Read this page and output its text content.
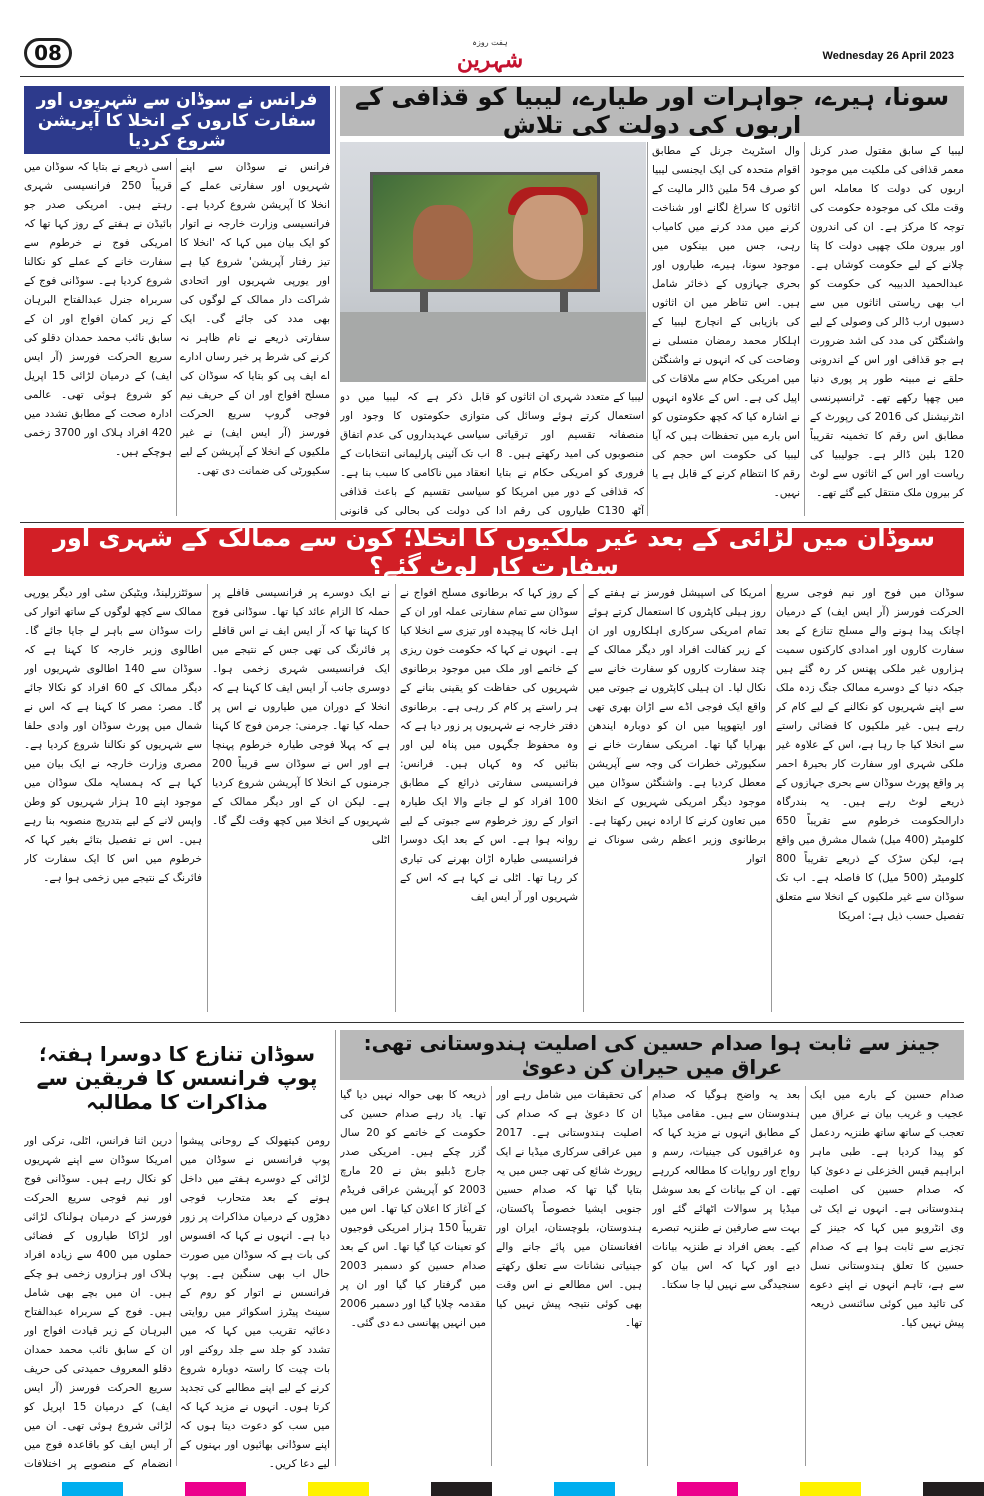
08	ہفت روزہ
شہرین	Wednesday 26 April 2023
سونا، ہیرے، جواہرات اور طیارے، لیبیا کو قذافی کے اربوں کی دولت کی تلاش
لیبیا کے سابق مقتول صدر کرنل معمر قذافی کی ملکیت میں موجود اربوں کی دولت کا معاملہ اس وقت ملک کی موجودہ حکومت کی توجہ کا مرکز ہے۔ ان کی اندرون اور بیرون ملک چھپی دولت کا پتا چلانے کے لیے حکومت کوشاں ہے۔ عبدالحمید الدبیبہ کی حکومت کو اب بھی ریاستی اثاثوں میں سے دسیوں ارب ڈالر کی وصولی کے لیے واشنگٹن کی مدد کی اشد ضرورت ہے جو قذافی اور اس کے اندرونی حلقے نے مبینہ طور پر پوری دنیا میں چھپا رکھے تھے۔ ٹرانسپرنسی انٹرنیشنل کی 2016 کی رپورٹ کے مطابق اس رقم کا تخمینہ تقریباً 120 بلین ڈالر ہے۔ جولیبیا کی ریاست اور اس کے اثاثوں سے لوٹ کر بیرون ملک منتقل کیے گئے تھے۔
وال اسٹریٹ جرنل کے مطابق اقوام متحدہ کی ایک ایجنسی لیبیا کو صرف 54 ملین ڈالر مالیت کے اثاثوں کا سراغ لگانے اور شناخت کرنے میں مدد کرنے میں کامیاب رہی، جس میں بینکوں میں موجود سونا، ہیرے، طیاروں اور بحری جہازوں کے ذخائر شامل ہیں۔ اس تناظر میں ان اثاثوں کی بازیابی کے انچارج لیبیا کے اہلکار محمد رمضان منسلی نے وضاحت کی کہ انہوں نے واشنگٹن میں امریکی حکام سے ملاقات کی اپیل کی ہے۔ اس کے علاوہ انہوں نے اشارہ کیا کہ کچھ حکومتوں کو اس بارے میں تحفظات ہیں کہ آیا لیبیا کی حکومت اس حجم کی رقم کا انتظام کرنے کے قابل ہے یا نہیں۔
لیبیا کے متعدد شہری ان اثاثوں کو استعمال کرتے ہوئے وسائل کی منصفانہ تقسیم اور ترقیاتی منصوبوں کی امید رکھتے ہیں۔ 8 فروری کو امریکی حکام نے بتایا کہ قذافی کے دور میں امریکا کو آٹھ C130 طیاروں کی رقم ادا
قابل ذکر ہے کہ لیبیا میں دو متوازی حکومتوں کا وجود اور سیاسی عہدیداروں کی عدم اتفاق اب تک آئینی پارلیمانی انتخابات کے انعقاد میں ناکامی کا سبب بنا ہے۔ سیاسی تقسیم کے باعث قذافی کی دولت کی بحالی کی قانونی
فرانس نے سوڈان سے شہریوں اور سفارت کاروں کے انخلا کا آپریشن شروع کردیا
فرانس نے سوڈان سے اپنے شہریوں اور سفارتی عملے کے انخلا کا آپریشن شروع کردیا ہے۔ فرانسیسی وزارت خارجہ نے اتوار کو ایک بیان میں کہا کہ 'انخلا کا تیز رفتار آپریشن' شروع کیا ہے اور یورپی شہریوں اور اتحادی شراکت دار ممالک کے لوگوں کی بھی مدد کی جائے گی۔ ایک سفارتی ذریعے نے نام ظاہر نہ کرنے کی شرط پر خبر رساں ادارے اے ایف پی کو بتایا کہ سوڈان کی مسلح افواج اور ان کے حریف نیم فوجی گروپ سریع الحرکت فورسز (آر ایس ایف) نے غیر ملکیوں کے انخلا کے آپریشن کے لیے سکیورٹی کی ضمانت دی تھی۔
اسی ذریعے نے بتایا کہ سوڈان میں قریباً 250 فرانسیسی شہری رہتے ہیں۔ امریکی صدر جو بائیڈن نے ہفتے کے روز کہا تھا کہ امریکی فوج نے خرطوم سے سفارت خانے کے عملے کو نکالنا شروع کردیا ہے۔ سوڈانی فوج کے سربراہ جنرل عبدالفتاح البرہان کے زیر کمان افواج اور ان کے سابق نائب محمد حمدان دقلو کی سریع الحرکت فورسز (آر ایس ایف) کے درمیان لڑائی 15 اپریل کو شروع ہوئی تھی۔ عالمی ادارہ صحت کے مطابق تشدد میں 420 افراد ہلاک اور 3700 زخمی ہوچکے ہیں۔
سوڈان میں لڑائی کے بعد غیر ملکیوں کا انخلا؛ کون سے ممالک کے شہری اور سفارت کار لوٹ گئے؟
سوڈان میں فوج اور نیم فوجی سریع الحرکت فورسز (آر ایس ایف) کے درمیان اچانک پیدا ہونے والے مسلح تنازع کے بعد سفارت کاروں اور امدادی کارکنوں سمیت ہزاروں غیر ملکی پھنس کر رہ گئے ہیں جبکہ دنیا کے دوسرے ممالک جنگ زدہ ملک سے اپنے شہریوں کو نکالنے کے لیے کام کر رہے ہیں۔ غیر ملکیوں کا فضائی راستے سے انخلا کیا جا رہا ہے، اس کے علاوہ غیر ملکی شہری اور سفارت کار بحیرۂ احمر پر واقع پورٹ سوڈان سے بحری جہازوں کے ذریعے لوٹ رہے ہیں۔ یہ بندرگاہ دارالحکومت خرطوم سے تقریباً 650 کلومیٹر (400 میل) شمال مشرق میں واقع ہے، لیکن سڑک کے ذریعے تقریباً 800 کلومیٹر (500 میل) کا فاصلہ ہے۔ اب تک سوڈان سے غیر ملکیوں کے انخلا سے متعلق تفصیل حسب ذیل ہے: امریکا
امریکا کی اسپیشل فورسز نے ہفتے کے روز ہیلی کاپٹروں کا استعمال کرتے ہوئے تمام امریکی سرکاری اہلکاروں اور ان کے زیر کفالت افراد اور دیگر ممالک کے چند سفارت کاروں کو سفارت خانے سے نکال لیا۔ ان ہیلی کاپٹروں نے جبوتی میں واقع ایک فوجی اڈے سے اڑان بھری تھی اور ایتھوپیا میں ان کو دوبارہ ایندھن بھرایا گیا تھا۔ امریکی سفارت خانے نے سکیورٹی خطرات کی وجہ سے آپریشن معطل کردیا ہے۔ واشنگٹن سوڈان میں موجود دیگر امریکی شہریوں کے انخلا میں تعاون کرنے کا ارادہ نہیں رکھتا ہے۔ برطانوی وزیر اعظم رشی سوناک نے اتوار
کے روز کہا کہ برطانوی مسلح افواج نے سوڈان سے تمام سفارتی عملہ اور ان کے اہل خانہ کا پیچیدہ اور تیزی سے انخلا کیا ہے۔ انہوں نے کہا کہ حکومت خون ریزی کے خاتمے اور ملک میں موجود برطانوی شہریوں کی حفاظت کو یقینی بنانے کے ہر راستے پر کام کر رہی ہے۔ برطانوی دفتر خارجہ نے شہریوں پر زور دیا ہے کہ وہ محفوظ جگہوں میں پناہ لیں اور بتائیں کہ وہ کہاں ہیں۔ فرانس: فرانسیسی سفارتی ذرائع کے مطابق 100 افراد کو لے جانے والا ایک طیارہ اتوار کے روز خرطوم سے جبوتی کے لیے روانہ ہوا ہے۔ اس کے بعد ایک دوسرا فرانسیسی طیارہ اڑان بھرنے کی تیاری کر رہا تھا۔ اٹلی نے کہا ہے کہ اس کے شہریوں اور آر ایس ایف
نے ایک دوسرے پر فرانسیسی قافلے پر حملہ کا الزام عائد کیا تھا۔ سوڈانی فوج کا کہنا تھا کہ آر ایس ایف نے اس قافلے پر فائرنگ کی تھی جس کے نتیجے میں ایک فرانسیسی شہری زخمی ہوا۔ دوسری جانب آر ایس ایف کا کہنا ہے کہ انخلا کے دوران میں طیاروں نے اس پر حملہ کیا تھا۔ جرمنی: جرمن فوج کا کہنا ہے کہ پہلا فوجی طیارہ خرطوم پہنچا ہے اور اس نے سوڈان سے قریباً 200 جرمنوں کے انخلا کا آپریشن شروع کردیا ہے۔ لیکن ان کے اور دیگر ممالک کے شہریوں کے انخلا میں کچھ وقت لگے گا۔ اٹلی
سوئٹزرلینڈ، ویٹیکن سٹی اور دیگر یورپی ممالک سے کچھ لوگوں کے ساتھ اتوار کی رات سوڈان سے باہر لے جایا جائے گا۔ اطالوی وزیر خارجہ کا کہنا ہے کہ سوڈان سے 140 اطالوی شہریوں اور دیگر ممالک کے 60 افراد کو نکالا جائے گا۔ مصر: مصر کا کہنا ہے کہ اس نے شمال میں پورٹ سوڈان اور وادی حلفا سے شہریوں کو نکالنا شروع کردیا ہے۔ مصری وزارت خارجہ نے ایک بیان میں کہا ہے کہ ہمسایہ ملک سوڈان میں موجود اپنے 10 ہزار شہریوں کو وطن واپس لانے کے لیے بتدریج منصوبہ بنا رہے ہیں۔ اس نے تفصیل بتائے بغیر کہا کہ خرطوم میں اس کا ایک سفارت کار فائرنگ کے نتیجے میں زخمی ہوا ہے۔
جینز سے ثابت ہوا صدام حسین کی اصلیت ہندوستانی تھی: عراق میں حیران کن دعویٰ
صدام حسین کے بارے میں ایک عجیب و غریب بیان نے عراق میں تعجب کے ساتھ ساتھ طنزیہ ردعمل کو پیدا کردیا ہے۔ طبی ماہر ابراہیم قیس الخزعلی نے دعویٰ کیا کہ صدام حسین کی اصلیت ہندوستانی ہے۔ انہوں نے ایک ٹی وی انٹرویو میں کہا کہ جینز کے تجزیے سے ثابت ہوا ہے کہ صدام حسین کا تعلق ہندوستانی نسل سے ہے، تاہم انہوں نے اپنے دعوے کی تائید میں کوئی سائنسی ذریعہ پیش نہیں کیا۔
بعد یہ واضح ہوگیا کہ صدام ہندوستان سے ہیں۔ مقامی میڈیا کے مطابق انہوں نے مزید کہا کہ وہ عراقیوں کی جینیات، رسم و رواج اور روایات کا مطالعہ کررہے تھے۔ ان کے بیانات کے بعد سوشل میڈیا پر سوالات اٹھائے گئے اور بہت سے صارفین نے طنزیہ تبصرے کیے۔ بعض افراد نے طنزیہ بیانات دیے اور کہا کہ اس بیان کو سنجیدگی سے نہیں لیا جا سکتا۔
کی تحقیقات میں شامل رہے اور ان کا دعویٰ ہے کہ صدام کی اصلیت ہندوستانی ہے۔ 2017 میں عراقی سرکاری میڈیا نے ایک رپورٹ شائع کی تھی جس میں یہ بتایا گیا تھا کہ صدام حسین جنوبی ایشیا خصوصاً پاکستان، ہندوستان، بلوچستان، ایران اور افغانستان میں پائے جانے والے جینیاتی نشانات سے تعلق رکھتے ہیں۔ اس مطالعے نے اس وقت بھی کوئی نتیجہ پیش نہیں کیا تھا۔
ذریعہ کا بھی حوالہ نہیں دیا گیا تھا۔ یاد رہے صدام حسین کی حکومت کے خاتمے کو 20 سال گزر چکے ہیں۔ امریکی صدر جارج ڈبلیو بش نے 20 مارچ 2003 کو آپریشن عراقی فریڈم کے آغاز کا اعلان کیا تھا۔ اس میں تقریباً 150 ہزار امریکی فوجیوں کو تعینات کیا گیا تھا۔ اس کے بعد صدام حسین کو دسمبر 2003 میں گرفتار کیا گیا اور ان پر مقدمہ چلایا گیا اور دسمبر 2006 میں انہیں پھانسی دے دی گئی۔
سوڈان تنازع کا دوسرا ہفتہ؛ پوپ فرانسس کا فریقین سے مذاکرات کا مطالبہ
رومن کیتھولک کے روحانی پیشوا پوپ فرانسس نے سوڈان میں لڑائی کے دوسرے ہفتے میں داخل ہونے کے بعد متحارب فوجی دھڑوں کے درمیان مذاکرات پر زور دیا ہے۔ انہوں نے کہا کہ افسوس کی بات ہے کہ سوڈان میں صورت حال اب بھی سنگین ہے۔ پوپ فرانسس نے اتوار کو روم کے سینٹ پیٹرز اسکوائر میں روایتی دعائیہ تقریب میں کہا کہ میں تشدد کو جلد سے جلد روکنے اور بات چیت کا راستہ دوبارہ شروع کرنے کے لیے اپنے مطالبے کی تجدید کرتا ہوں۔ انہوں نے مزید کہا کہ میں سب کو دعوت دیتا ہوں کہ اپنے سوڈانی بھائیوں اور بہنوں کے لیے دعا کریں۔
درین اثنا فرانس، اٹلی، ترکی اور امریکا سوڈان سے اپنے شہریوں کو نکال رہے ہیں۔ سوڈانی فوج اور نیم فوجی سریع الحرکت فورسز کے درمیان ہولناک لڑائی اور لڑاکا طیاروں کے فضائی حملوں میں 400 سے زیادہ افراد ہلاک اور ہزاروں زخمی ہو چکے ہیں۔ ان میں بچے بھی شامل ہیں۔ فوج کے سربراہ عبدالفتاح البرہان کے زیر قیادت افواج اور ان کے سابق نائب محمد حمدان دقلو المعروف حمیدتی کی حریف سریع الحرکت فورسز (آر ایس ایف) کے درمیان 15 اپریل کو لڑائی شروع ہوئی تھی۔ ان میں آر ایس ایف کو باقاعدہ فوج میں انضمام کے منصوبے پر اختلافات
